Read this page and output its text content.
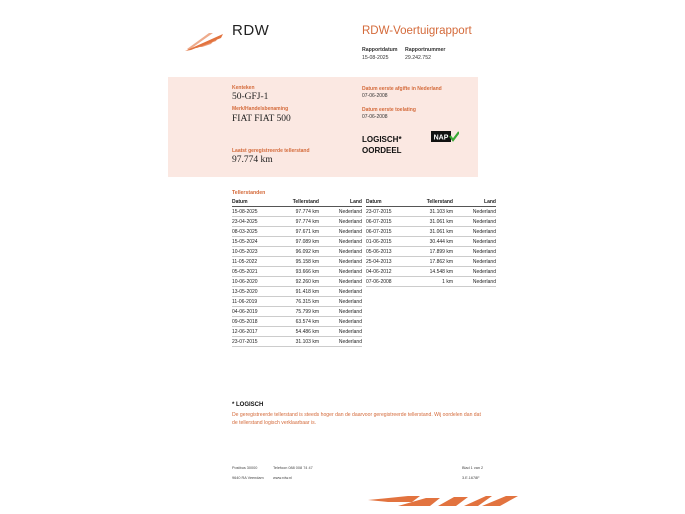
RDW	RDW-Voertuigrapport
Rapportdatum
15-08-2025
Rapportnummer
29.242.752
Kenteken
50-GFJ-1
Merk/Handelsbenaming
FIAT FIAT 500
Laatst geregistreerde tellerstand
97.774 km
Datum eerste afgifte in Nederland
07-06-2008
Datum eerste toelating
07-06-2008
LOGISCH*
OORDEEL
NAP
Tellerstanden
Datum	Tellerstand	Land
15-08-2025	97.774 km	Nederland
23-04-2025	97.774 km	Nederland
08-03-2025	97.671 km	Nederland
15-05-2024	97.089 km	Nederland
10-05-2023	96.092 km	Nederland
11-05-2022	95.158 km	Nederland
05-05-2021	93.666 km	Nederland
10-06-2020	92.260 km	Nederland
13-05-2020	91.418 km	Nederland
11-06-2019	76.315 km	Nederland
04-06-2019	75.799 km	Nederland
09-05-2018	63.574 km	Nederland
12-06-2017	54.486 km	Nederland
23-07-2015	31.103 km	Nederland
Datum	Tellerstand	Land
23-07-2015	31.103 km	Nederland
06-07-2015	31.061 km	Nederland
06-07-2015	31.061 km	Nederland
01-06-2015	30.444 km	Nederland
05-06-2013	17.899 km	Nederland
25-04-2013	17.862 km	Nederland
04-06-2012	14.548 km	Nederland
07-06-2008	1 km	Nederland
* LOGISCH
De geregistreerde tellerstand is steeds hoger dan de daarvoor geregistreerde tellerstand. Wij oordelen dan dat de tellerstand logisch verklaarbaar is.
Postbus 30000
9640 RA Veendam
Telefoon 088 008 74 47
www.rdw.nl
Blad 1 van 2
3.E.1678F
